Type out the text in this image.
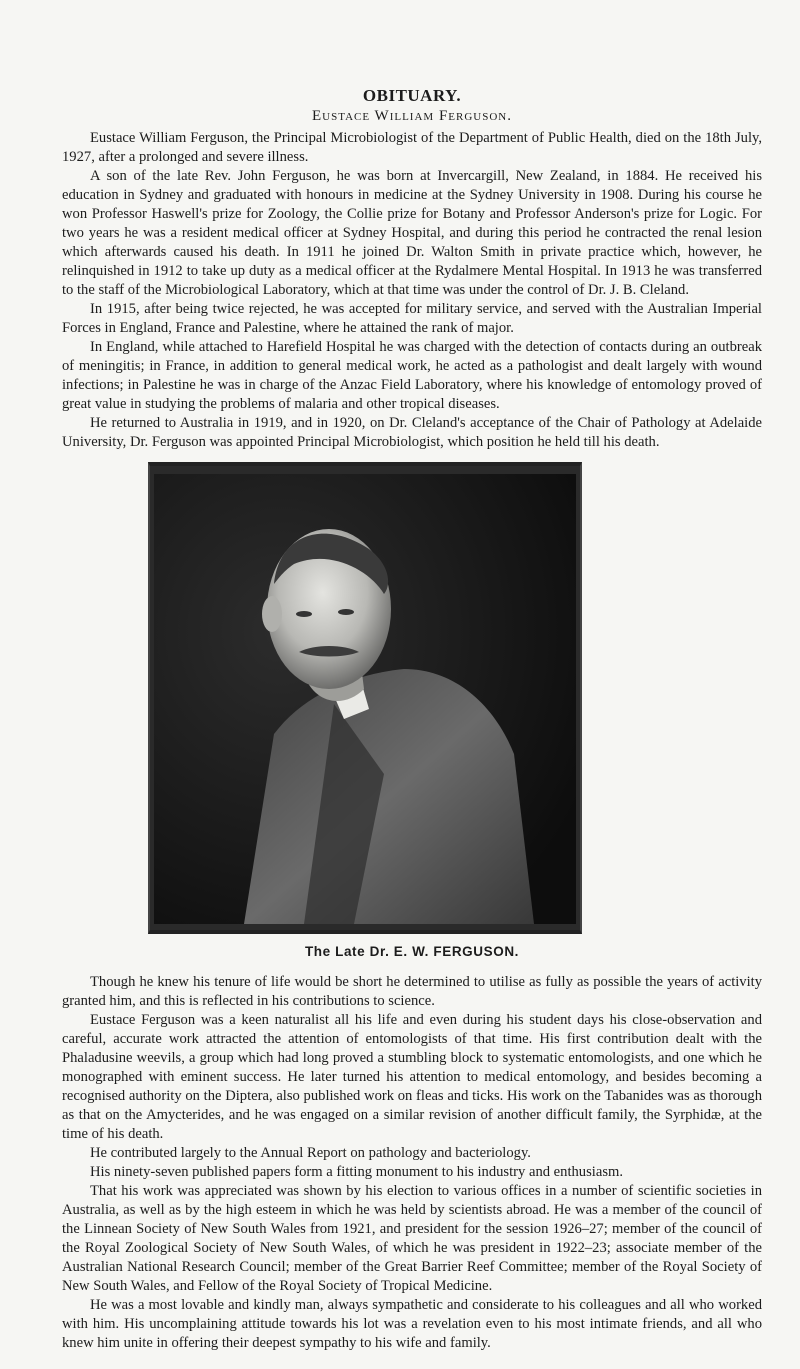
OBITUARY.
Eustace William Ferguson.

Eustace William Ferguson, the Principal Microbiologist of the Department of Public Health, died on the 18th July, 1927, after a prolonged and severe illness.

A son of the late Rev. John Ferguson, he was born at Invercargill, New Zealand, in 1884. He received his education in Sydney and graduated with honours in medicine at the Sydney University in 1908. During his course he won Professor Haswell's prize for Zoology, the Collie prize for Botany and Professor Anderson's prize for Logic. For two years he was a resident medical officer at Sydney Hospital, and during this period he contracted the renal lesion which afterwards caused his death. In 1911 he joined Dr. Walton Smith in private practice which, however, he relinquished in 1912 to take up duty as a medical officer at the Rydalmere Mental Hospital. In 1913 he was transferred to the staff of the Microbiological Laboratory, which at that time was under the control of Dr. J. B. Cleland.

In 1915, after being twice rejected, he was accepted for military service, and served with the Australian Imperial Forces in England, France and Palestine, where he attained the rank of major.

In England, while attached to Harefield Hospital he was charged with the detection of contacts during an outbreak of meningitis; in France, in addition to general medical work, he acted as a pathologist and dealt largely with wound infections; in Palestine he was in charge of the Anzac Field Laboratory, where his knowledge of entomology proved of great value in studying the problems of malaria and other tropical diseases.

He returned to Australia in 1919, and in 1920, on Dr. Cleland's acceptance of the Chair of Pathology at Adelaide University, Dr. Ferguson was appointed Principal Microbiologist, which position he held till his death.

The Late Dr. E. W. FERGUSON.

Though he knew his tenure of life would be short he determined to utilise as fully as possible the years of activity granted him, and this is reflected in his contributions to science.

Eustace Ferguson was a keen naturalist all his life and even during his student days his close-observation and careful, accurate work attracted the attention of entomologists of that time. His first contribution dealt with the Phaladusine weevils, a group which had long proved a stumbling block to systematic entomologists, and one which he monographed with eminent success. He later turned his attention to medical entomology, and besides becoming a recognised authority on the Diptera, also published work on fleas and ticks. His work on the Tabanides was as thorough as that on the Amycterides, and he was engaged on a similar revision of another difficult family, the Syrphidæ, at the time of his death.

He contributed largely to the Annual Report on pathology and bacteriology.

His ninety-seven published papers form a fitting monument to his industry and enthusiasm.

That his work was appreciated was shown by his election to various offices in a number of scientific societies in Australia, as well as by the high esteem in which he was held by scientists abroad. He was a member of the council of the Linnean Society of New South Wales from 1921, and president for the session 1926–27; member of the council of the Royal Zoological Society of New South Wales, of which he was president in 1922–23; associate member of the Australian National Research Council; member of the Great Barrier Reef Committee; member of the Royal Society of New South Wales, and Fellow of the Royal Society of Tropical Medicine.

He was a most lovable and kindly man, always sympathetic and considerate to his colleagues and all who worked with him. His uncomplaining attitude towards his lot was a revelation even to his most intimate friends, and all who knew him unite in offering their deepest sympathy to his wife and family.
